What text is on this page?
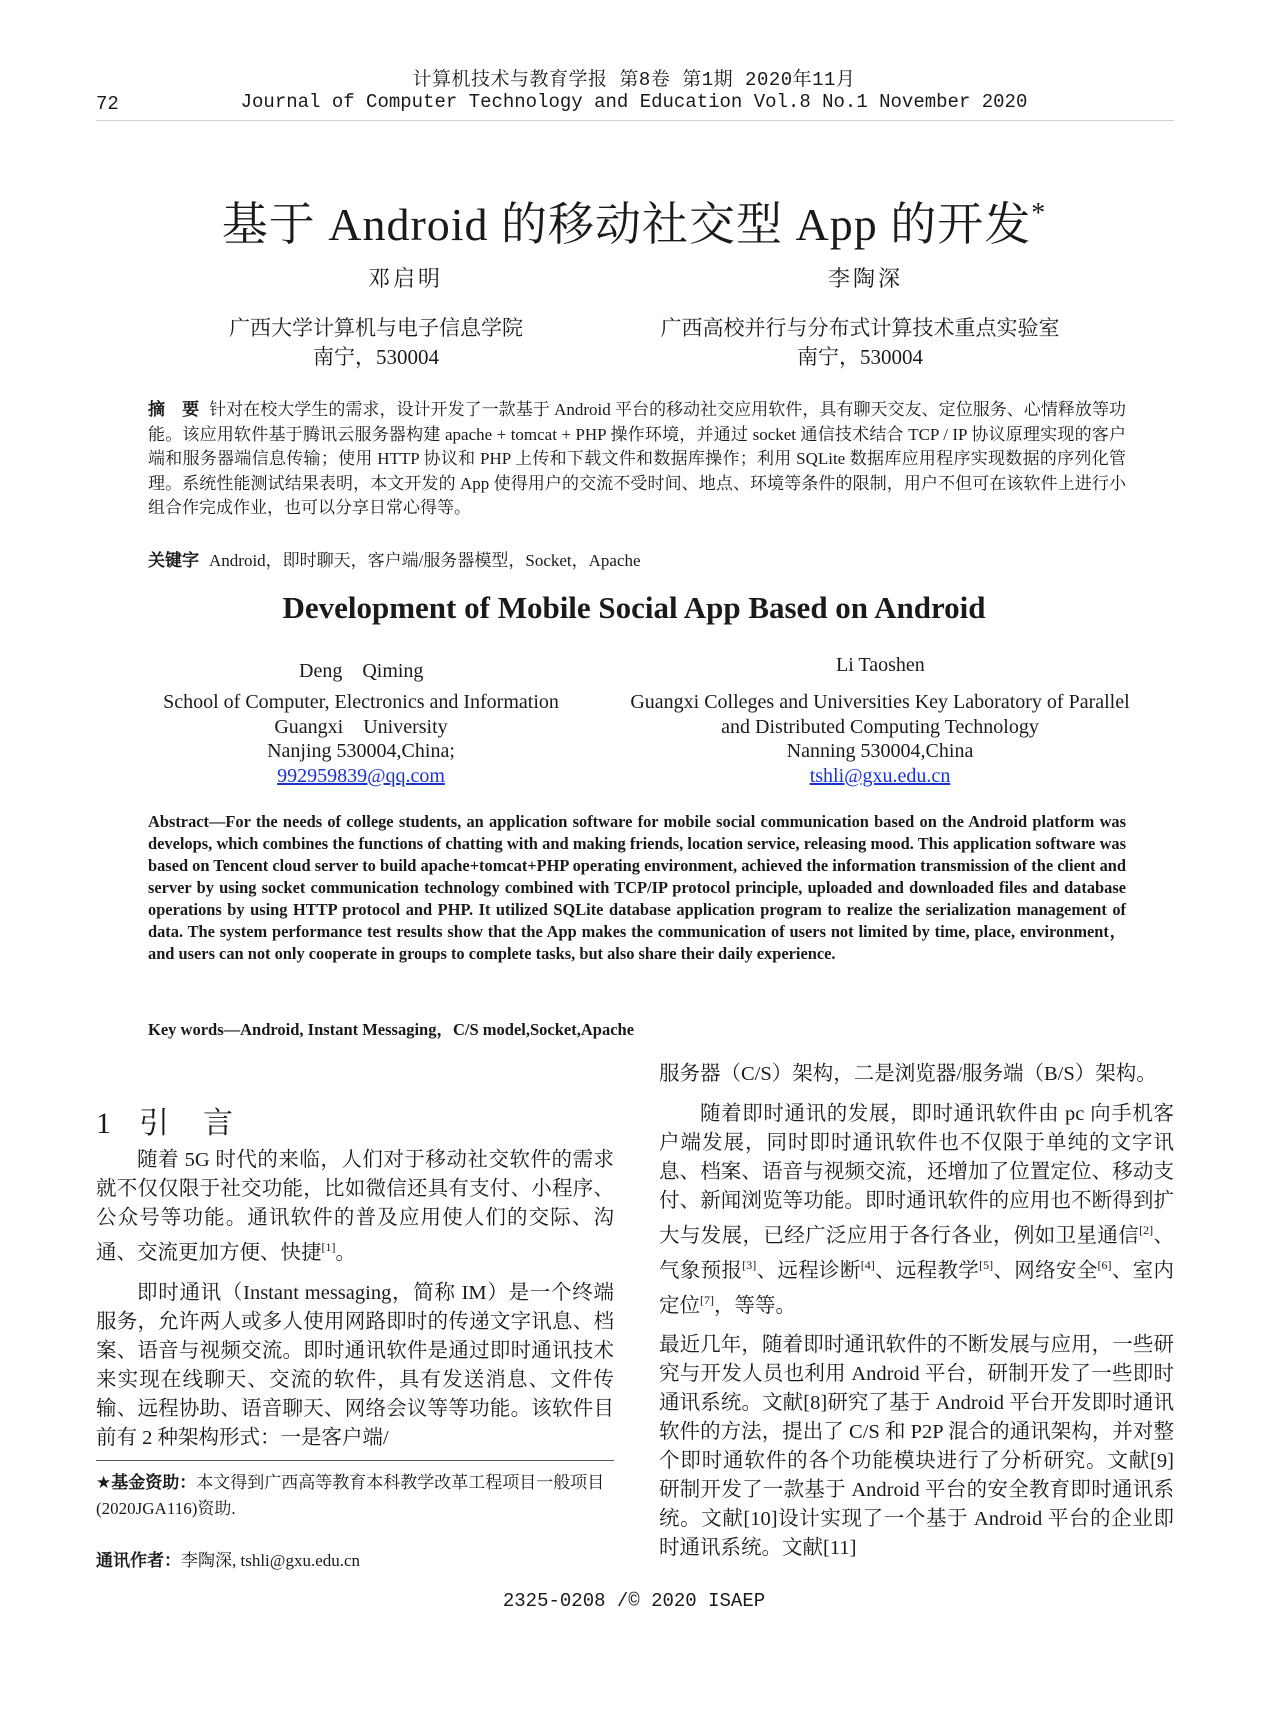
计算机技术与教育学报 第8卷 第1期 2020年11月
72	Journal of Computer Technology and Education Vol.8 No.1 November 2020
基于 Android 的移动社交型 App 的开发*
邓启明	李陶深
广西大学计算机与电子信息学院
南宁，530004
广西高校并行与分布式计算技术重点实验室
南宁，530004
摘　要 针对在校大学生的需求，设计开发了一款基于 Android 平台的移动社交应用软件，具有聊天交友、定位服务、心情释放等功能。该应用软件基于腾讯云服务器构建 apache + tomcat + PHP 操作环境，并通过 socket 通信技术结合 TCP / IP 协议原理实现的客户端和服务器端信息传输；使用 HTTP 协议和 PHP 上传和下载文件和数据库操作；利用 SQLite 数据库应用程序实现数据的序列化管理。系统性能测试结果表明，本文开发的 App 使得用户的交流不受时间、地点、环境等条件的限制，用户不但可在该软件上进行小组合作完成作业，也可以分享日常心得等。
关键字 Android，即时聊天，客户端/服务器模型，Socket，Apache
Development of Mobile Social App Based on Android
Deng　Qiming	Li Taoshen
School of Computer, Electronics and Information
Guangxi　University
Nanjing 530004,China;
992959839@qq.com
Guangxi Colleges and Universities Key Laboratory of Parallel
and Distributed Computing Technology
Nanning 530004,China
tshli@gxu.edu.cn
Abstract—For the needs of college students, an application software for mobile social communication based on the Android platform was develops, which combines the functions of chatting with and making friends, location service, releasing mood. This application software was based on Tencent cloud server to build apache+tomcat+PHP operating environment, achieved the information transmission of the client and server by using socket communication technology combined with TCP/IP protocol principle, uploaded and downloaded files and database operations by using HTTP protocol and PHP. It utilized SQLite database application program to realize the serialization management of data. The system performance test results show that the App makes the communication of users not limited by time, place, environment， and users can not only cooperate in groups to complete tasks, but also share their daily experience.
Key words—Android, Instant Messaging，C/S model,Socket,Apache
1 引　言

随着 5G 时代的来临，人们对于移动社交软件的需求就不仅仅限于社交功能，比如微信还具有支付、小程序、公众号等功能。通讯软件的普及应用使人们的交际、沟通、交流更加方便、快捷[1]。

即时通讯（Instant messaging，简称 IM）是一个终端服务，允许两人或多人使用网路即时的传递文字讯息、档案、语音与视频交流。即时通讯软件是通过即时通讯技术来实现在线聊天、交流的软件，具有发送消息、文件传输、远程协助、语音聊天、网络会议等等功能。该软件目前有 2 种架构形式：一是客户端/

服务器（C/S）架构，二是浏览器/服务端（B/S）架构。

随着即时通讯的发展，即时通讯软件由 pc 向手机客户端发展，同时即时通讯软件也不仅限于单纯的文字讯息、档案、语音与视频交流，还增加了位置定位、移动支付、新闻浏览等功能。即时通讯软件的应用也不断得到扩大与发展，已经广泛应用于各行各业，例如卫星通信[2]、气象预报[3]、远程诊断[4]、远程教学[5]、网络安全[6]、室内定位[7]，等等。

最近几年，随着即时通讯软件的不断发展与应用，一些研究与开发人员也利用 Android 平台，研制开发了一些即时通讯系统。文献[8]研究了基于 Android 平台开发即时通讯软件的方法，提出了 C/S 和 P2P 混合的通讯架构，并对整个即时通软件的各个功能模块进行了分析研究。文献[9]研制开发了一款基于 Android 平台的安全教育即时通讯系统。文献[10]设计实现了一个基于 Android 平台的企业即时通讯系统。文献[11]
★基金资助：本文得到广西高等教育本科教学改革工程项目一般项目(2020JGA116)资助.
通讯作者：李陶深, tshli@gxu.edu.cn
2325-0208 /© 2020 ISAEP
